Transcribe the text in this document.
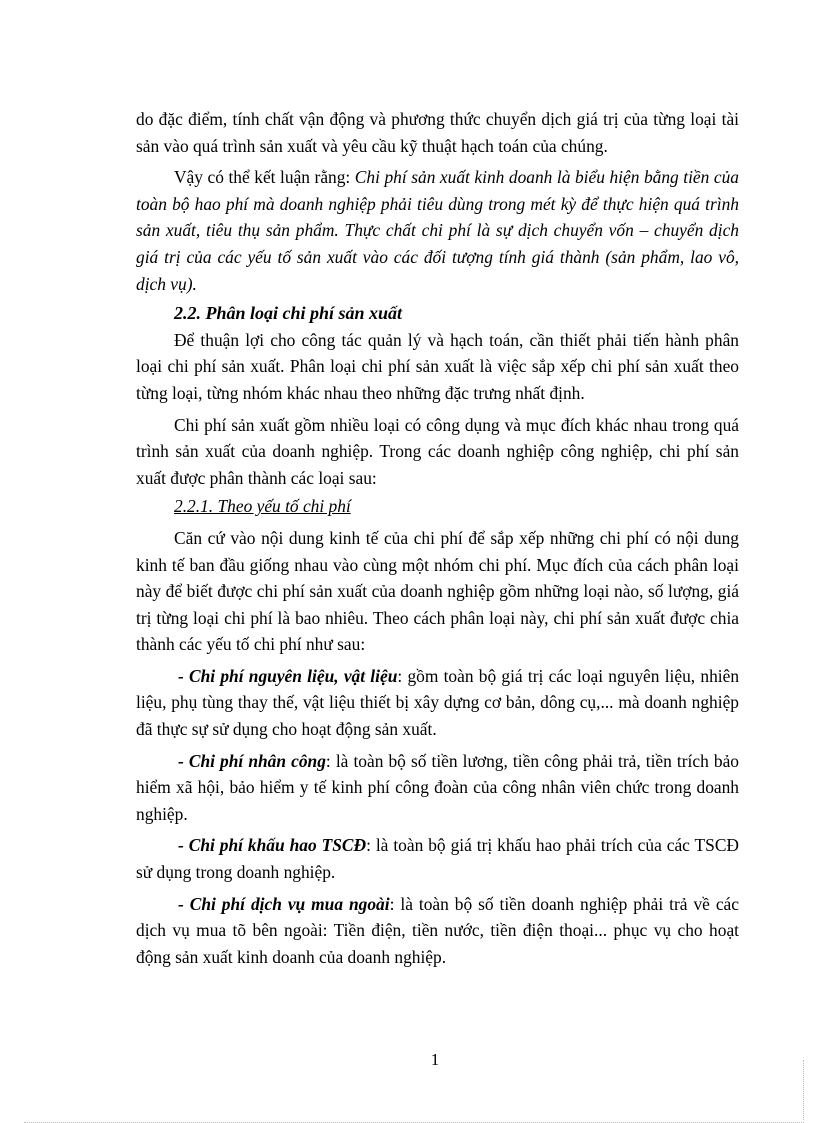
do đặc điểm, tính chất vận động và phương thức chuyển dịch giá trị của từng loại tài sản vào quá trình sản xuất và yêu cầu kỹ thuật hạch toán của chúng.

Vậy có thể kết luận rằng: Chi phí sản xuất kinh doanh là biểu hiện bằng tiền của toàn bộ hao phí mà doanh nghiệp phải tiêu dùng trong mét kỳ để thực hiện quá trình sản xuất, tiêu thụ sản phẩm. Thực chất chi phí là sự dịch chuyển vốn – chuyển dịch giá trị của các yếu tố sản xuất vào các đối tượng tính giá thành (sản phẩm, lao vô, dịch vụ).

2.2. Phân loại chi phí sản xuất

Để thuận lợi cho công tác quản lý và hạch toán, cần thiết phải tiến hành phân loại chi phí sản xuất. Phân loại chi phí sản xuất là việc sắp xếp chi phí sản xuất theo từng loại, từng nhóm khác nhau theo những đặc trưng nhất định.

Chi phí sản xuất gồm nhiều loại có công dụng và mục đích khác nhau trong quá trình sản xuất của doanh nghiệp. Trong các doanh nghiệp công nghiệp, chi phí sản xuất được phân thành các loại sau:

2.2.1. Theo yếu tố chi phí

Căn cứ vào nội dung kinh tế của chi phí để sắp xếp những chi phí có nội dung kinh tế ban đầu giống nhau vào cùng một nhóm chi phí. Mục đích của cách phân loại này để biết được chi phí sản xuất của doanh nghiệp gồm những loại nào, số lượng, giá trị từng loại chi phí là bao nhiêu. Theo cách phân loại này, chi phí sản xuất được chia thành các yếu tố chi phí như sau:

- Chi phí nguyên liệu, vật liệu: gồm toàn bộ giá trị các loại nguyên liệu, nhiên liệu, phụ tùng thay thế, vật liệu thiết bị xây dựng cơ bản, dông cụ,... mà doanh nghiệp đã thực sự sử dụng cho hoạt động sản xuất.

- Chi phí nhân công: là toàn bộ số tiền lương, tiền công phải trả, tiền trích bảo hiểm xã hội, bảo hiểm y tế kinh phí công đoàn của công nhân viên chức trong doanh nghiệp.

- Chi phí khấu hao TSCĐ: là toàn bộ giá trị khấu hao phải trích của các TSCĐ sử dụng trong doanh nghiệp.

- Chi phí dịch vụ mua ngoài: là toàn bộ số tiền doanh nghiệp phải trả về các dịch vụ mua tõ bên ngoài: Tiền điện, tiền nước, tiền điện thoại... phục vụ cho hoạt động sản xuất kinh doanh của doanh nghiệp.

1
